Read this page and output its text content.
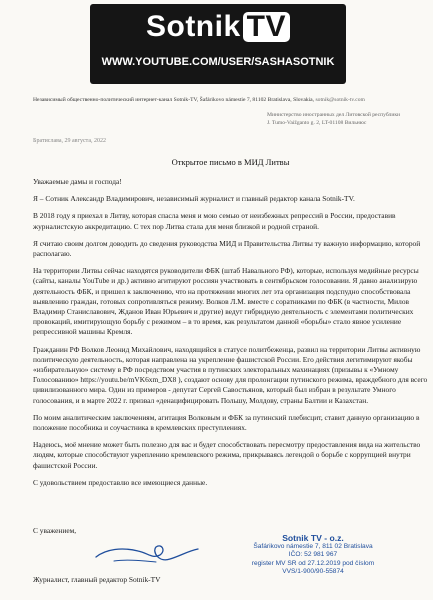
Sotnik TV
WWW.YOUTUBE.COM/USER/SASHASOTNIK
Независимый общественно-политический интернет-канал Sotnik-TV, Šafárikovo námestie 7, 81102 Bratislava, Slovakia, sotnik@sotnik-tv.com
Министерство иностранных дел Литовской республики
J. Tumo-Vaižganto g. 2, LT-01108 Вильнюс
Братислава, 29 августа, 2022
Открытое письмо в МИД Литвы

Уважаемые дамы и господа!

Я – Сотник Александр Владимирович, независимый журналист и главный редактор канала Sotnik-TV.

В 2018 году я приехал в Литву, которая спасла меня и мою семью от неизбежных репрессий в России, предоставив журналистскую аккредитацию. С тех пор Литва стала для меня близкой и родной страной.

Я считаю своим долгом доводить до сведения руководства МИД и Правительства Литвы ту важную информацию, которой располагаю.

На территории Литвы сейчас находятся руководители ФБК (штаб Навального РФ), которые, используя медийные ресурсы (сайты, каналы YouTube и др.) активно агитируют россиян участвовать в сентябрьском голосовании. Я давно анализирую деятельность ФБК, и пришел к заключению, что на протяжении многих лет эта организация подспудно способствовала выявлению граждан, готовых сопротивляться режиму. Волков Л.М. вместе с соратниками по ФБК (в частности, Милов Владимир Станиславович, Жданов Иван Юрьевич и другие) ведут гибридную деятельность с элементами политических провокаций, имитирующую борьбу с режимом – в то время, как результатом данной «борьбы» стало явное усиление репрессивной машины Кремля.

Гражданин РФ Волков Леонид Михайлович, находящийся в статусе политбеженца, развил на территории Литвы активную политическую деятельность, которая направлена на укрепление фашистской России. Его действия легитимируют якобы «избирательную» систему в РФ посредством участия в путинских электоральных махинациях (призывы к «Умному Голосованию» https://youtu.be/mVK6xm_DX8 ), создают основу для пролонгации путинского режима, враждебного для всего цивилизованного мира. Один из примеров - депутат Сергей Савостьянов, который был избран в результате Умного голосования, и в марте 2022 г. призвал «денацифицировать Польшу, Молдову, страны Балтии и Казахстан.

По моим аналитическим заключениям, агитация Волковым и ФБК за путинский плебисцит, ставит данную организацию в положение пособника и соучастника в кремлевских преступлениях.

Надеюсь, моё мнение может быть полезно для вас и будет способствовать пересмотру предоставления вида на жительство людям, которые способствуют укреплению кремлевского режима, прикрываясь легендой о борьбе с коррупцией внутри фашистской России.

С удовольствием предоставлю все имеющиеся данные.

С уважением,
Журналист, главный редактор Sotnik-TV
Sotnik TV - o.z.
Šafárikovo námestie 7, 811 02 Bratislava
IČO: 52 981 967
register MV SR od 27.12.2019 pod číslom
VVS/1-900/90-55874
